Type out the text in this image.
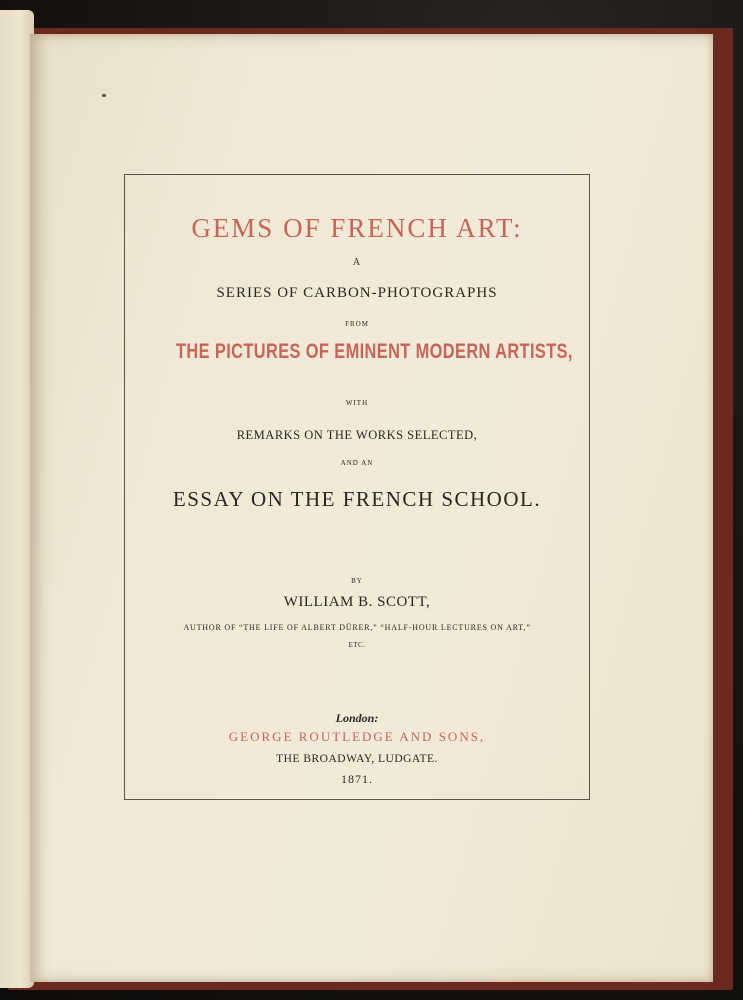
GEMS OF FRENCH ART:
A
SERIES OF CARBON-PHOTOGRAPHS
FROM
THE PICTURES OF EMINENT MODERN ARTISTS,
WITH
REMARKS ON THE WORKS SELECTED,
AND AN
ESSAY ON THE FRENCH SCHOOL.
BY
WILLIAM B. SCOTT,
AUTHOR OF “THE LIFE OF ALBERT DÜRER,” “HALF-HOUR LECTURES ON ART,”
ETC.
London:
GEORGE ROUTLEDGE AND SONS,
THE BROADWAY, LUDGATE.
1871.
